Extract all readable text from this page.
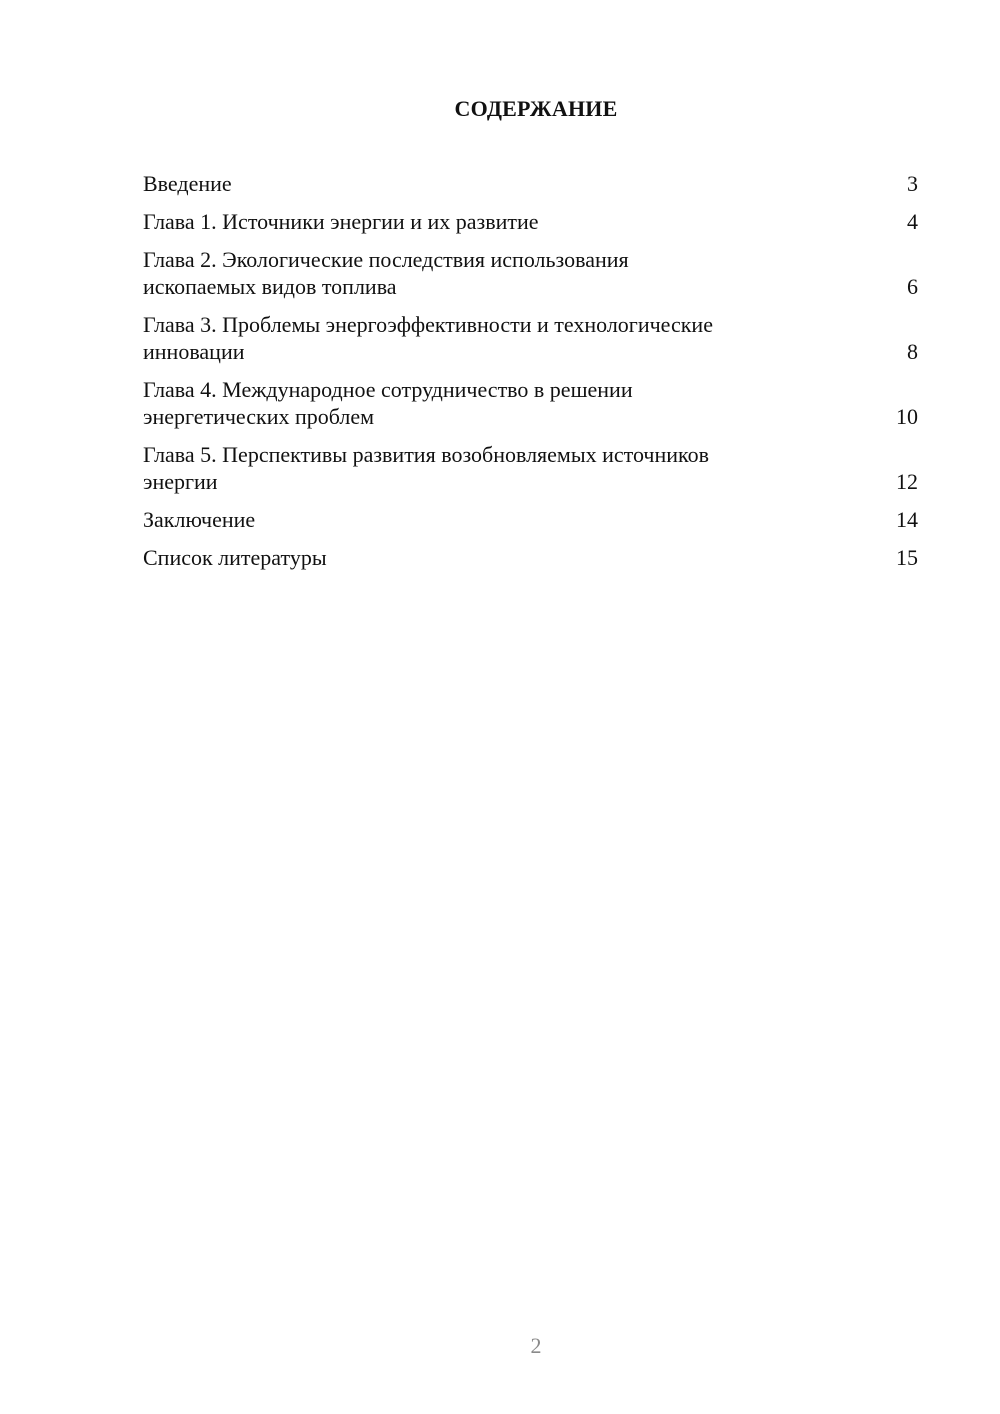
СОДЕРЖАНИЕ
Введение	3
Глава 1. Источники энергии и их развитие	4
Глава 2. Экологические последствия использования
ископаемых видов топлива	6
Глава 3. Проблемы энергоэффективности и технологические
инновации	8
Глава 4. Международное сотрудничество в решении
энергетических проблем	10
Глава 5. Перспективы развития возобновляемых источников
энергии	12
Заключение	14
Список литературы	15
2
